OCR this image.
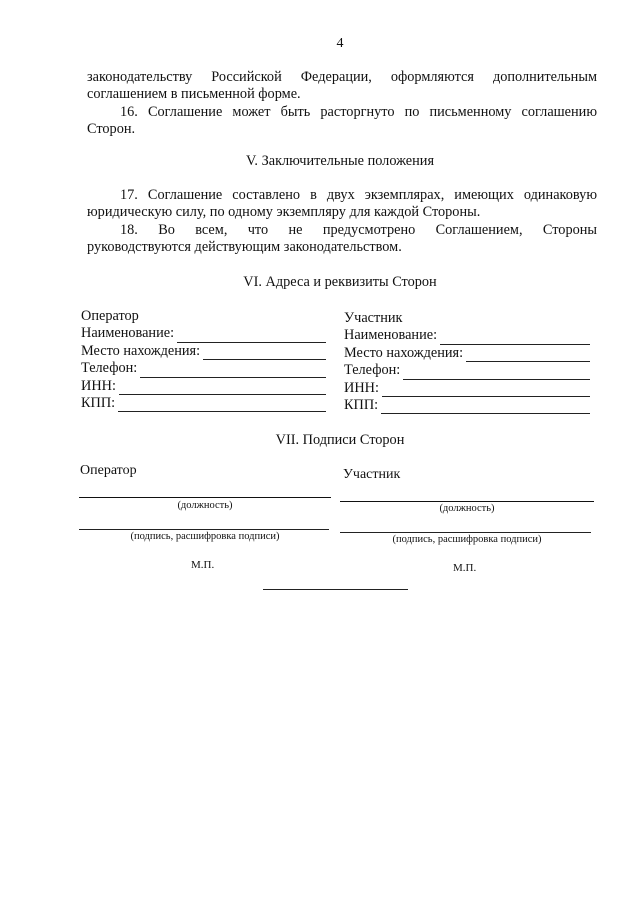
4

законодательству Российской Федерации, оформляются дополнительным
соглашением в письменной форме.

16. Соглашение может быть расторгнуто по письменному соглашению
Сторон.

V. Заключительные положения

17. Соглашение составлено в двух экземплярах, имеющих одинаковую
юридическую силу, по одному экземпляру для каждой Стороны.

18. Во всем, что не предусмотрено Соглашением, Стороны
руководствуются действующим законодательством.

VI. Адреса и реквизиты Сторон
Оператор
Наименование:
Место нахождения:
Телефон:
ИНН:
КПП:
Участник
Наименование:
Место нахождения:
Телефон:
ИНН:
КПП:
VII. Подписи Сторон
Оператор	Участник
(должность)	(должность)
(подпись, расшифровка подписи)	(подпись, расшифровка подписи)
М.П.	М.П.
